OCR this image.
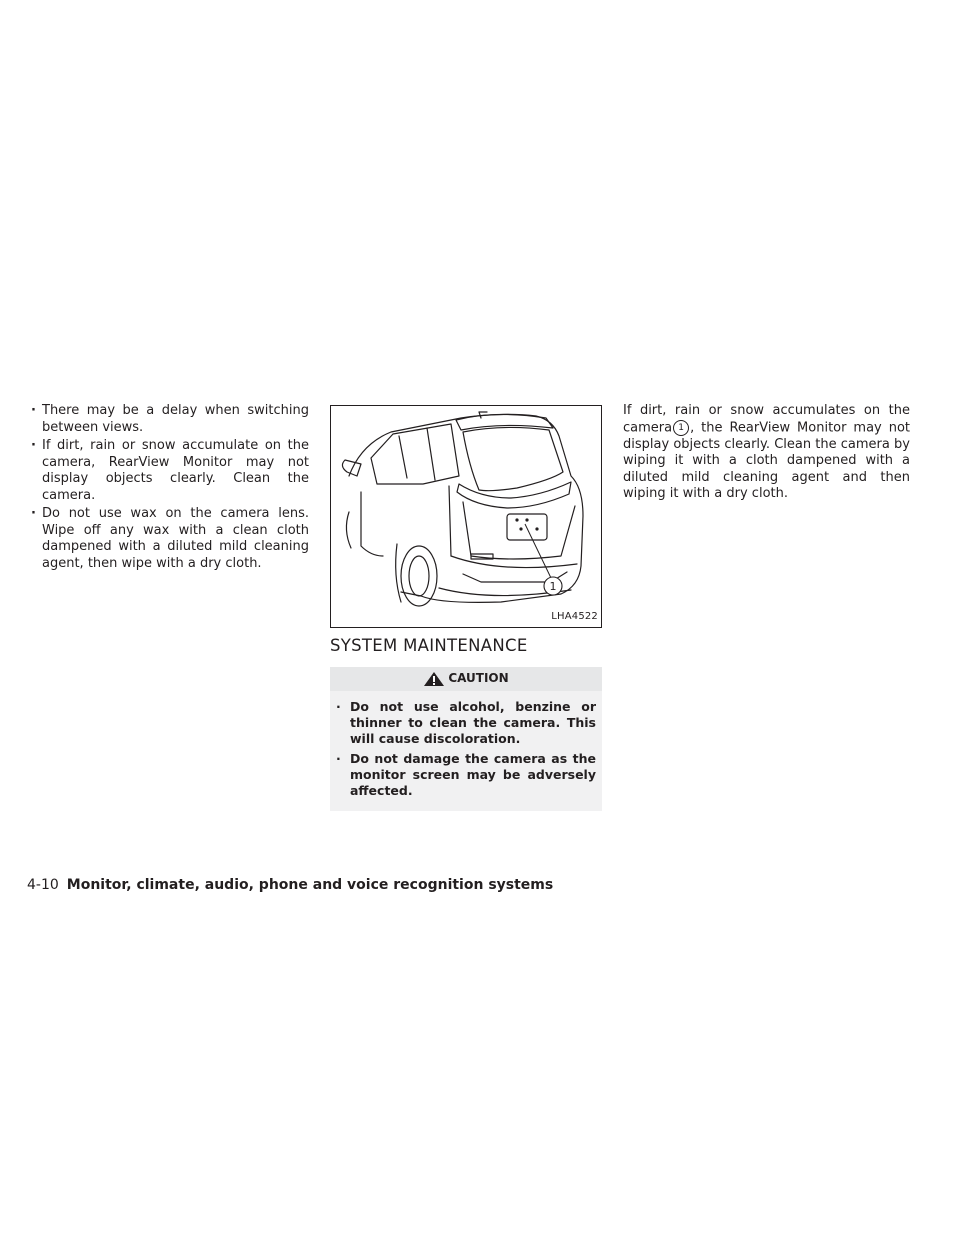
· There may be a delay when switching between views.
· If dirt, rain or snow accumulate on the camera, RearView Monitor may not display objects clearly. Clean the camera.
· Do not use wax on the camera lens. Wipe off any wax with a clean cloth dampened with a diluted mild cleaning agent, then wipe with a dry cloth.
1
LHA4522
SYSTEM MAINTENANCE
CAUTION
· Do not use alcohol, benzine or thinner to clean the camera. This will cause discoloration.
· Do not damage the camera as the monitor screen may be adversely affected.

If dirt, rain or snow accumulates on the camera 1 , the RearView Monitor may not display objects clearly. Clean the camera by wiping it with a cloth dampened with a diluted mild cleaning agent and then wiping it with a dry cloth.

4-10 Monitor, climate, audio, phone and voice recognition systems
